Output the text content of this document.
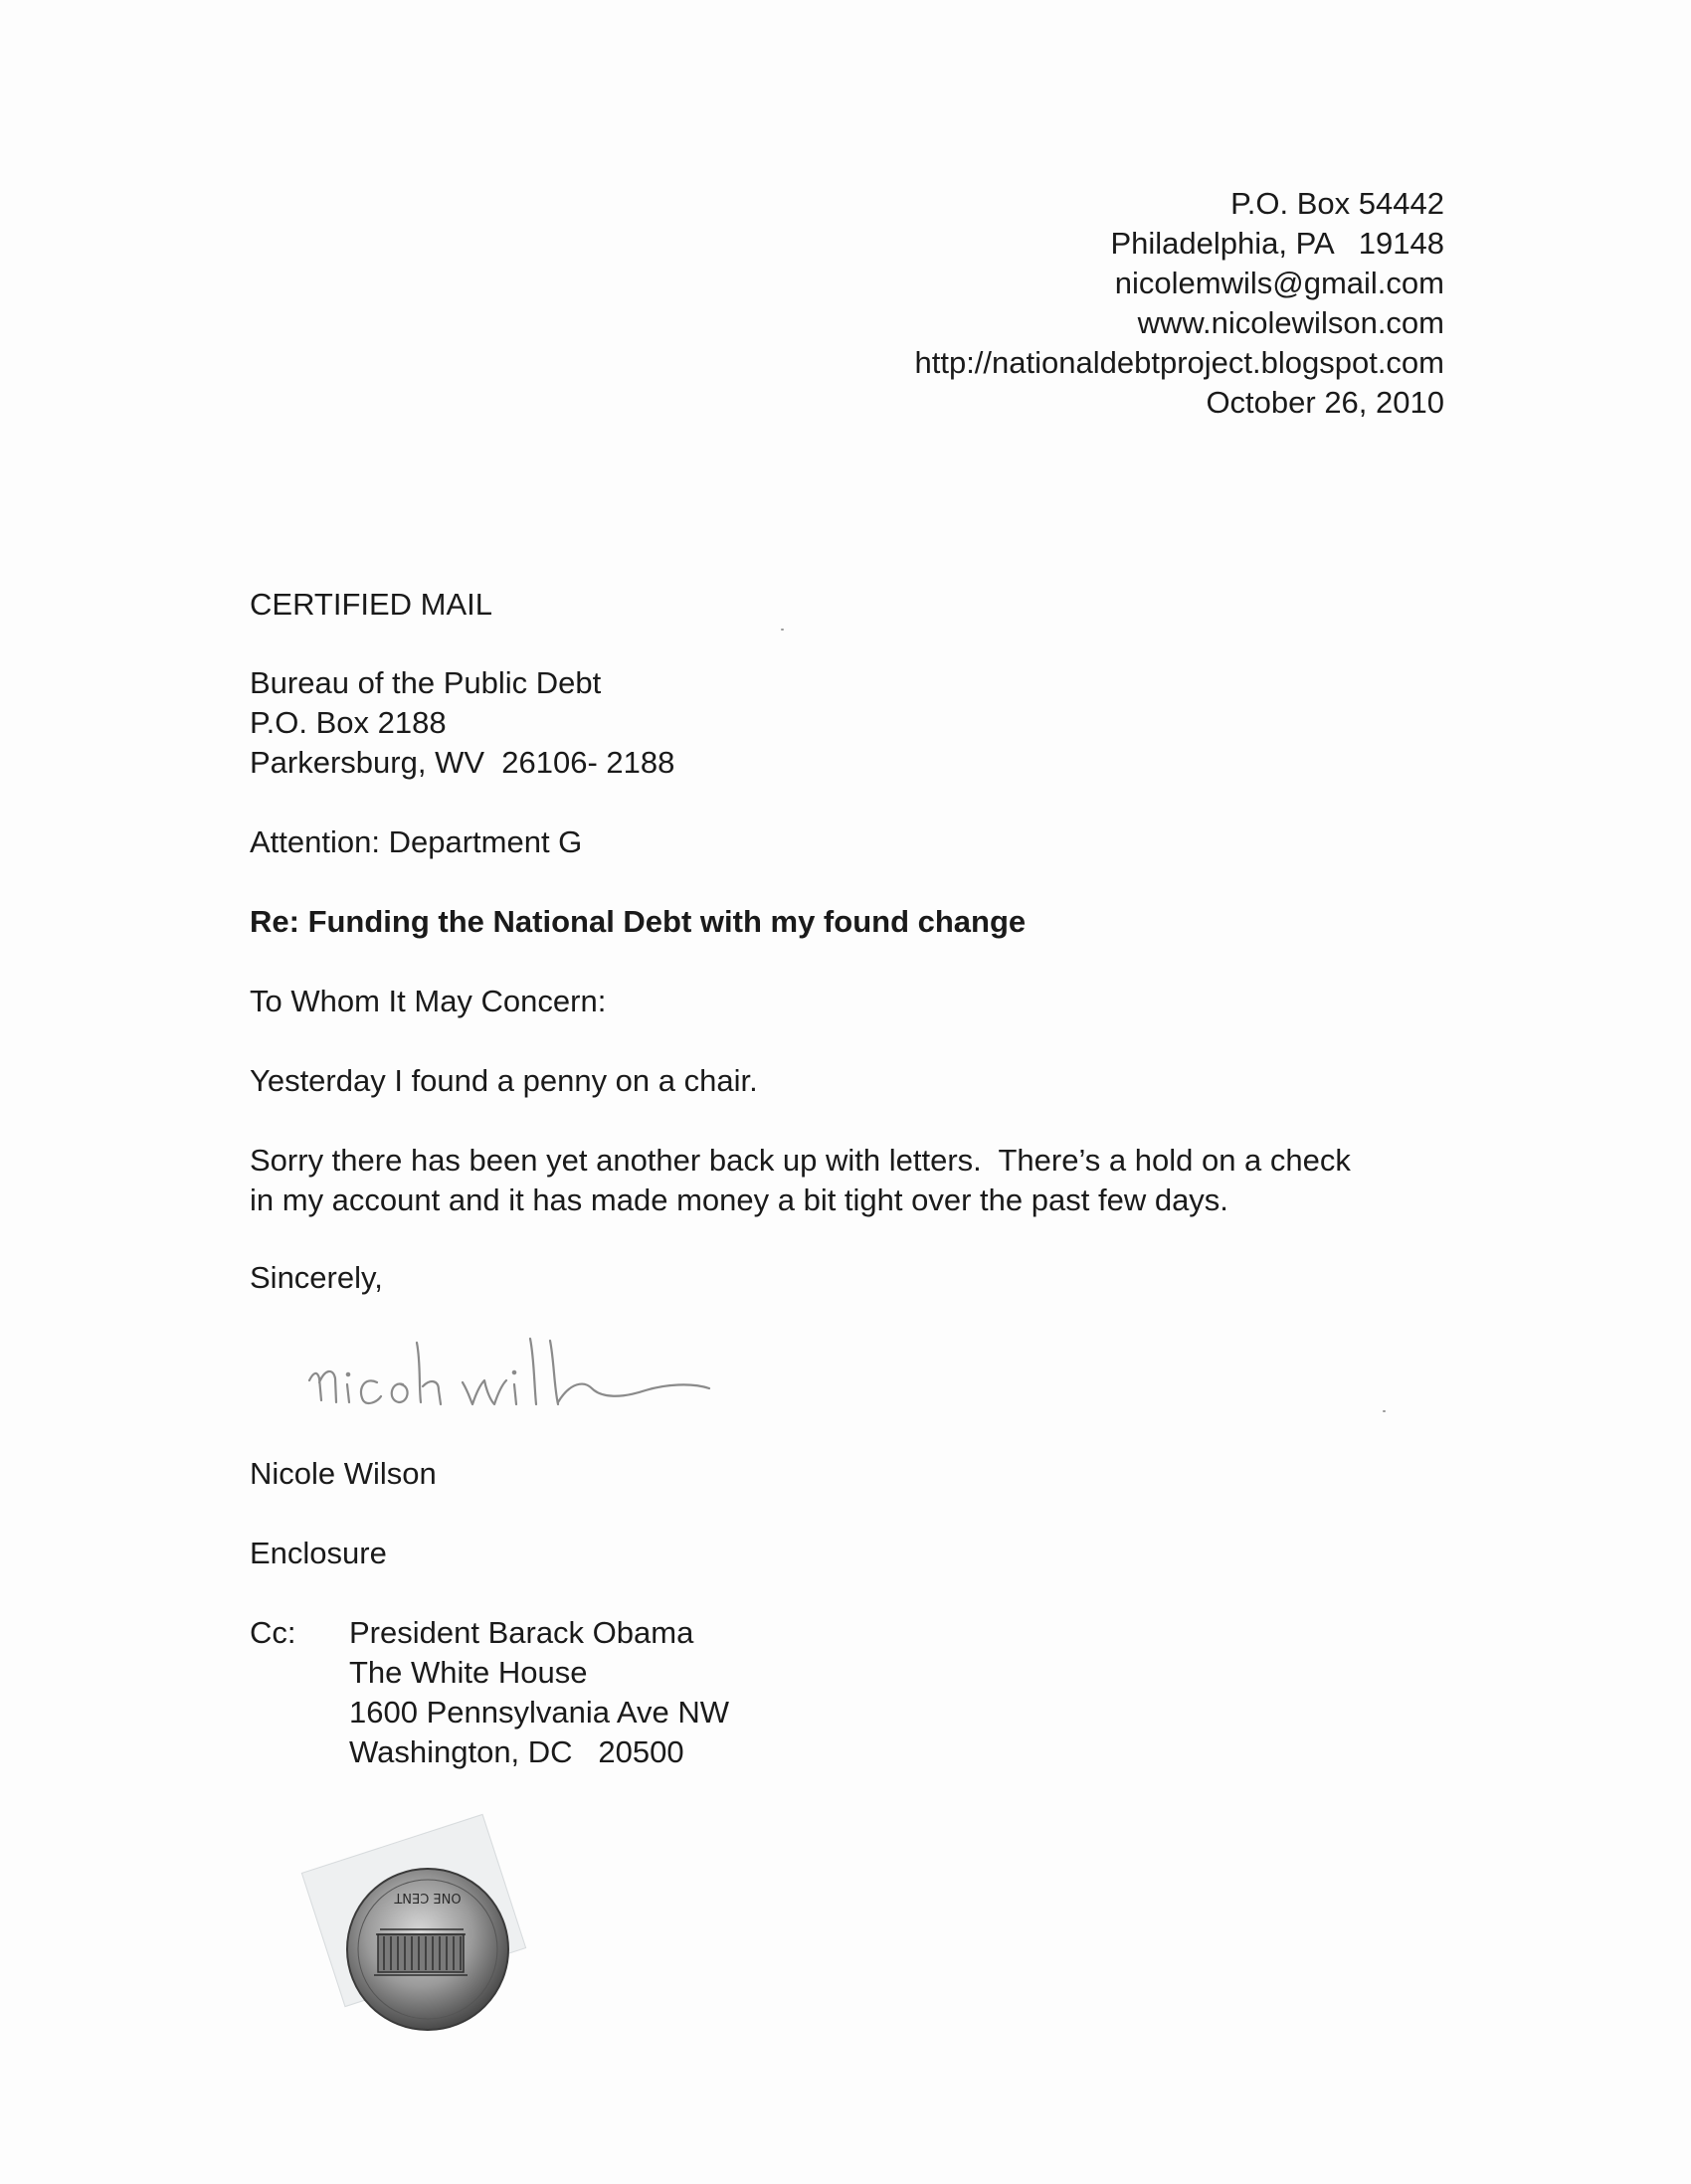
P.O. Box 54442
Philadelphia, PA   19148
nicolemwils@gmail.com
www.nicolewilson.com
http://nationaldebtproject.blogspot.com
October 26, 2010
CERTIFIED MAIL
Bureau of the Public Debt
P.O. Box 2188
Parkersburg, WV  26106- 2188
Attention: Department G
Re: Funding the National Debt with my found change
To Whom It May Concern:
Yesterday I found a penny on a chair.
Sorry there has been yet another back up with letters.  There’s a hold on a check
in my account and it has made money a bit tight over the past few days.
Sincerely,
Nicole Wilson
Enclosure
Cc:	President Barack Obama
The White House
1600 Pennsylvania Ave NW
Washington, DC   20500
ONE CENT
